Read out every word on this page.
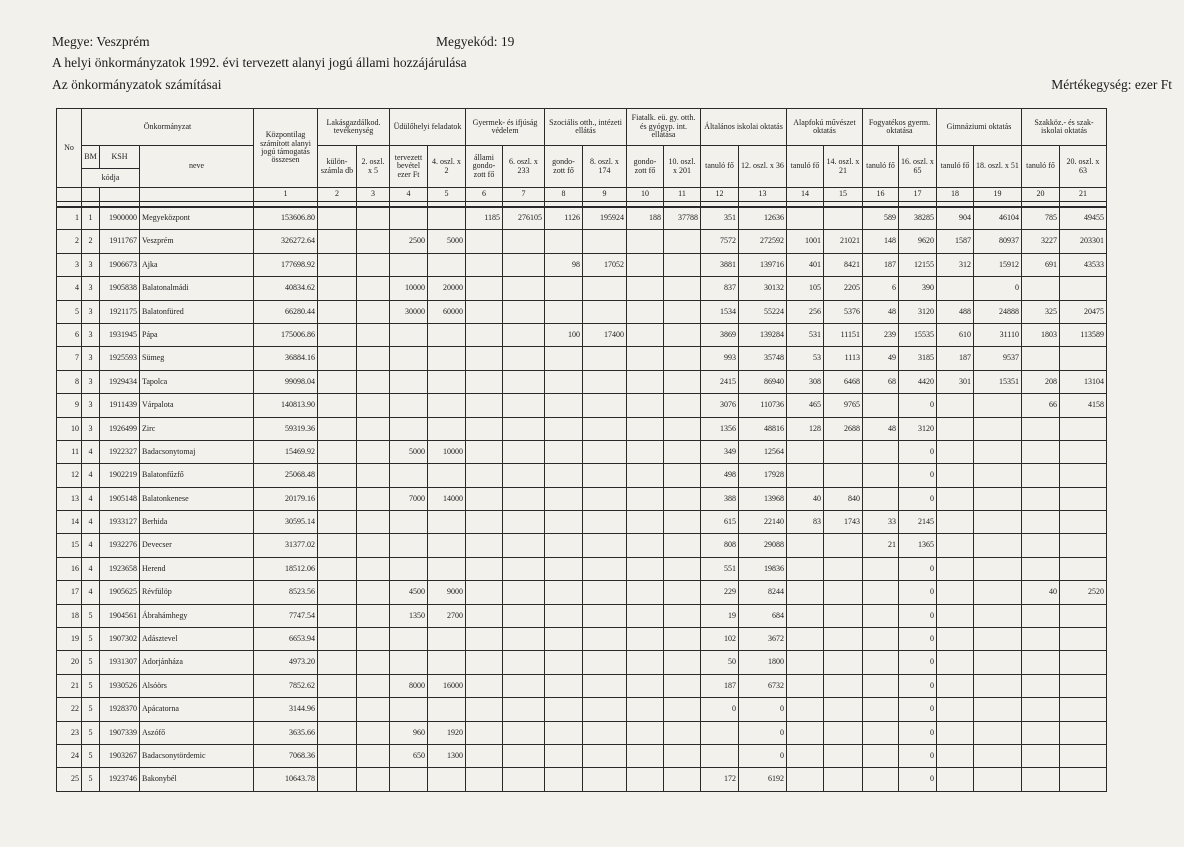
Megye: Veszprém	Megyekód: 19
A helyi önkormányzatok 1992. évi tervezett alanyi jogú állami hozzájárulása
Az önkormányzatok számításai	Mértékegység: ezer Ft
No	Önkormányzat			Központilag számított alanyi jogú támogatás összesen	Lakásgazdálkod. tevékenység		Üdülőhelyi feladatok		Gyermek- és ifjúság védelem		Szociális otth., intézeti ellátás		Fiatalk. eü. gy. otth. és gyógyp. int. ellátása		Általános iskolai oktatás		Alapfokú művészet oktatás		Fogyatékos gyerm. oktatása		Gimnáziumi oktatás		Szakköz.- és szak- iskolai oktatás	
	BM	KSH	neve		külön- számla db	2. oszl. x 5	tervezett bevétel ezer Ft	4. oszl. x 2	állami gondo- zott fő	6. oszl. x 233	gondo- zott fő	8. oszl. x 174	gondo- zott fő	10. oszl. x 201	tanuló fő	12. oszl. x 36	tanuló fő	14. oszl. x 21	tanuló fő	16. oszl. x 65	tanuló fő	18. oszl. x 51	tanuló fő	20. oszl. x 63
	kódja																							
				1	2	3	4	5	6	7	8	9	10	11	12	13	14	15	16	17	18	19	20	21

1	1	1900000	Megyeközpont	153606.80					1185	276105	1126	195924	188	37788	351	12636			589	38285	904	46104	785	49455
2	2	1911767	Veszprém	326272.64			2500	5000							7572	272592	1001	21021	148	9620	1587	80937	3227	203301
3	3	1906673	Ajka	177698.92							98	17052			3881	139716	401	8421	187	12155	312	15912	691	43533
4	3	1905838	Balatonalmádi	40834.62			10000	20000							837	30132	105	2205	6	390		0		
5	3	1921175	Balatonfüred	66280.44			30000	60000							1534	55224	256	5376	48	3120	488	24888	325	20475
6	3	1931945	Pápa	175006.86							100	17400			3869	139284	531	11151	239	15535	610	31110	1803	113589
7	3	1925593	Sümeg	36884.16											993	35748	53	1113	49	3185	187	9537		
8	3	1929434	Tapolca	99098.04											2415	86940	308	6468	68	4420	301	15351	208	13104
9	3	1911439	Várpalota	140813.90											3076	110736	465	9765		0			66	4158
10	3	1926499	Zirc	59319.36											1356	48816	128	2688	48	3120				
11	4	1922327	Badacsonytomaj	15469.92			5000	10000							349	12564				0				
12	4	1902219	Balatonfűzfő	25068.48											498	17928				0				
13	4	1905148	Balatonkenese	20179.16			7000	14000							388	13968	40	840		0				
14	4	1933127	Berhida	30595.14											615	22140	83	1743	33	2145				
15	4	1932276	Devecser	31377.02											808	29088			21	1365				
16	4	1923658	Herend	18512.06											551	19836				0				
17	4	1905625	Révfülöp	8523.56			4500	9000							229	8244				0			40	2520
18	5	1904561	Ábrahámhegy	7747.54			1350	2700							19	684				0				
19	5	1907302	Adásztevel	6653.94											102	3672				0				
20	5	1931307	Adorjánháza	4973.20											50	1800				0				
21	5	1930526	Alsóörs	7852.62			8000	16000							187	6732				0				
22	5	1928370	Apácatorna	3144.96											0	0				0				
23	5	1907339	Aszófő	3635.66			960	1920								0				0				
24	5	1903267	Badacsonytördemic	7068.36			650	1300								0				0				
25	5	1923746	Bakonybél	10643.78											172	6192				0				
